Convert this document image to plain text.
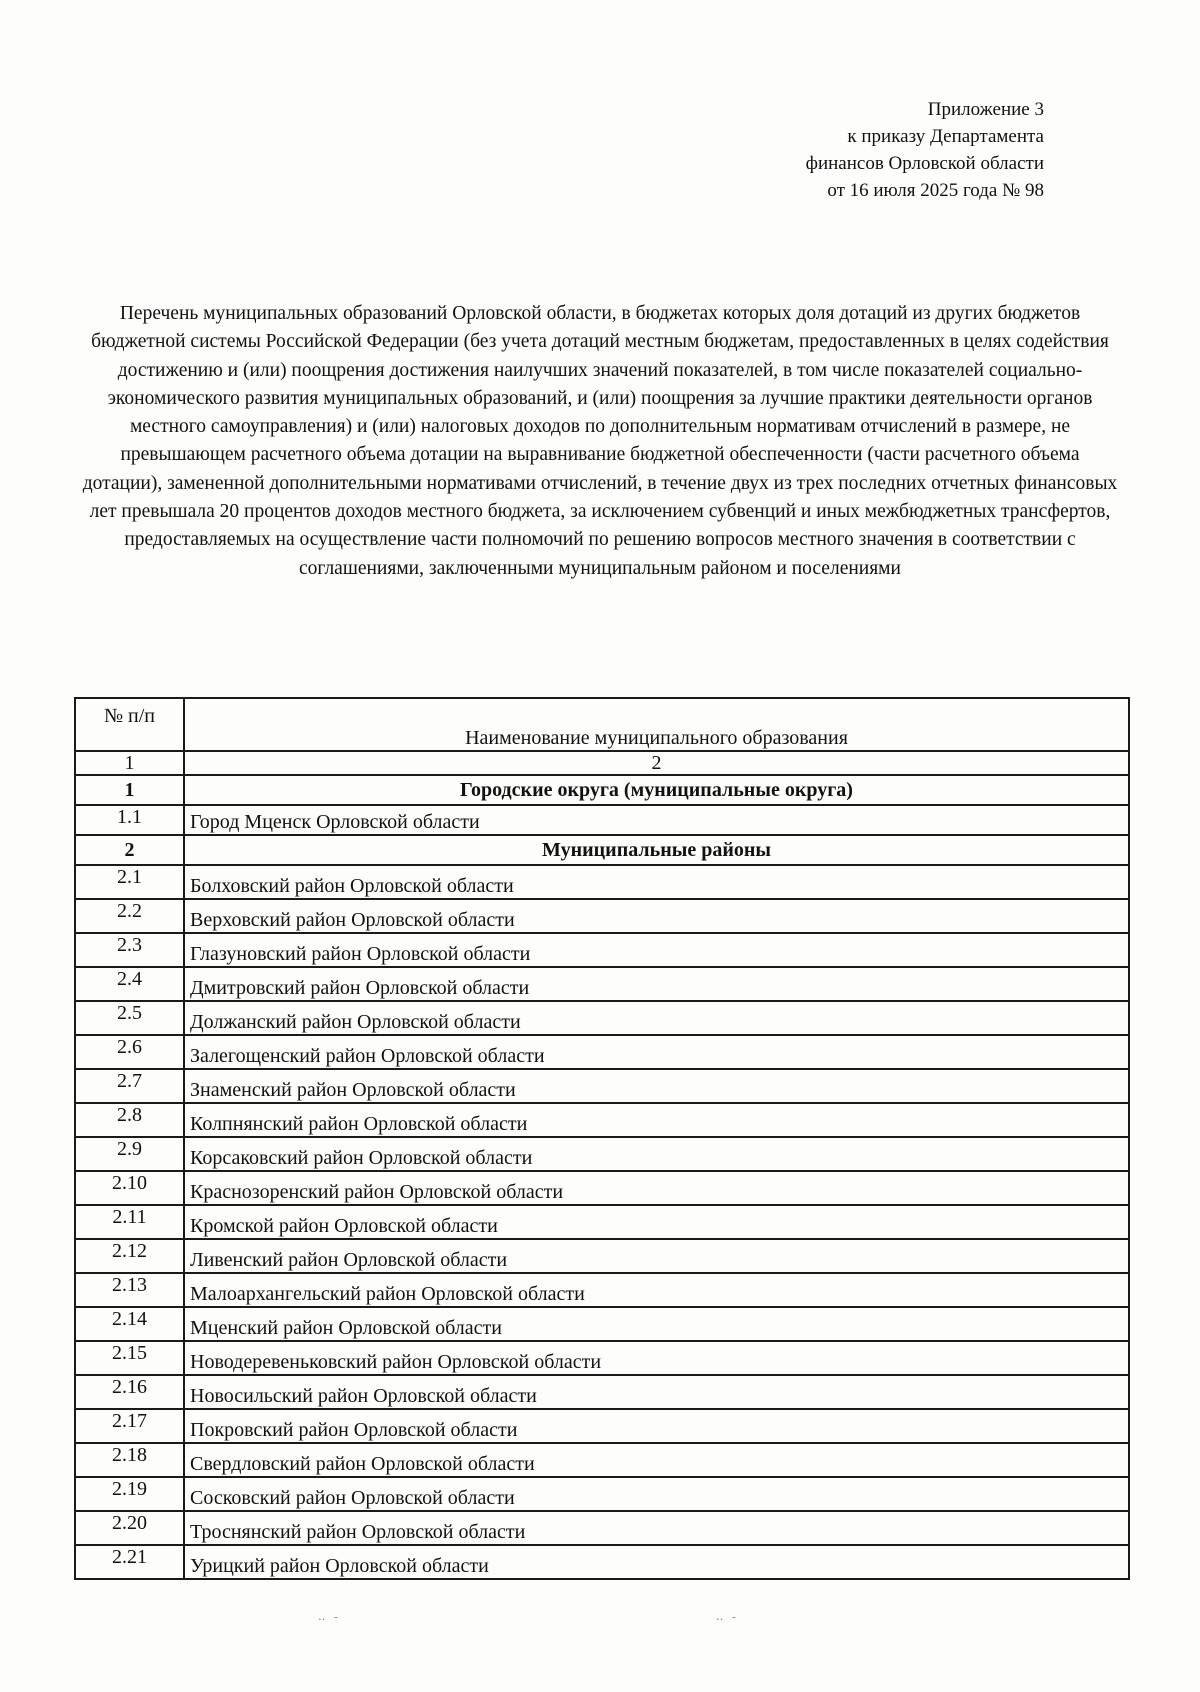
Приложение 3
к приказу Департамента
финансов Орловской области
от 16 июля 2025 года № 98
Перечень муниципальных образований Орловской области, в бюджетах которых доля дотаций из других бюджетов бюджетной системы Российской Федерации (без учета дотаций местным бюджетам, предоставленных в целях содействия достижению и (или) поощрения достижения наилучших значений показателей, в том числе показателей социально-экономического развития муниципальных образований, и (или) поощрения за лучшие практики деятельности органов местного самоуправления) и (или) налоговых доходов по дополнительным нормативам отчислений в размере, не превышающем расчетного объема дотации на выравнивание бюджетной обеспеченности (части расчетного объема дотации), замененной дополнительными нормативами отчислений, в течение двух из трех последних отчетных финансовых лет превышала 20 процентов доходов местного бюджета, за исключением субвенций и иных межбюджетных трансфертов, предоставляемых на осуществление части полномочий по решению вопросов местного значения в соответствии с соглашениями, заключенными муниципальным районом и поселениями
№ п/п	Наименование муниципального образования
1	2
1	Городские округа (муниципальные округа)
1.1	Город Мценск Орловской области
2	Муниципальные районы
2.1	Болховский район Орловской области
2.2	Верховский район Орловской области
2.3	Глазуновский район Орловской области
2.4	Дмитровский район Орловской области
2.5	Должанский район Орловской области
2.6	Залегощенский район Орловской области
2.7	Знаменский район Орловской области
2.8	Колпнянский район Орловской области
2.9	Корсаковский район Орловской области
2.10	Краснозоренский район Орловской области
2.11	Кромской район Орловской области
2.12	Ливенский район Орловской области
2.13	Малоархангельский район Орловской области
2.14	Мценский район Орловской области
2.15	Новодеревеньковский район Орловской области
2.16	Новосильский район Орловской области
2.17	Покровский район Орловской области
2.18	Свердловский район Орловской области
2.19	Сосковский район Орловской области
2.20	Троснянский район Орловской области
2.21	Урицкий район Орловской области
‥ ‐	‥ ‐
